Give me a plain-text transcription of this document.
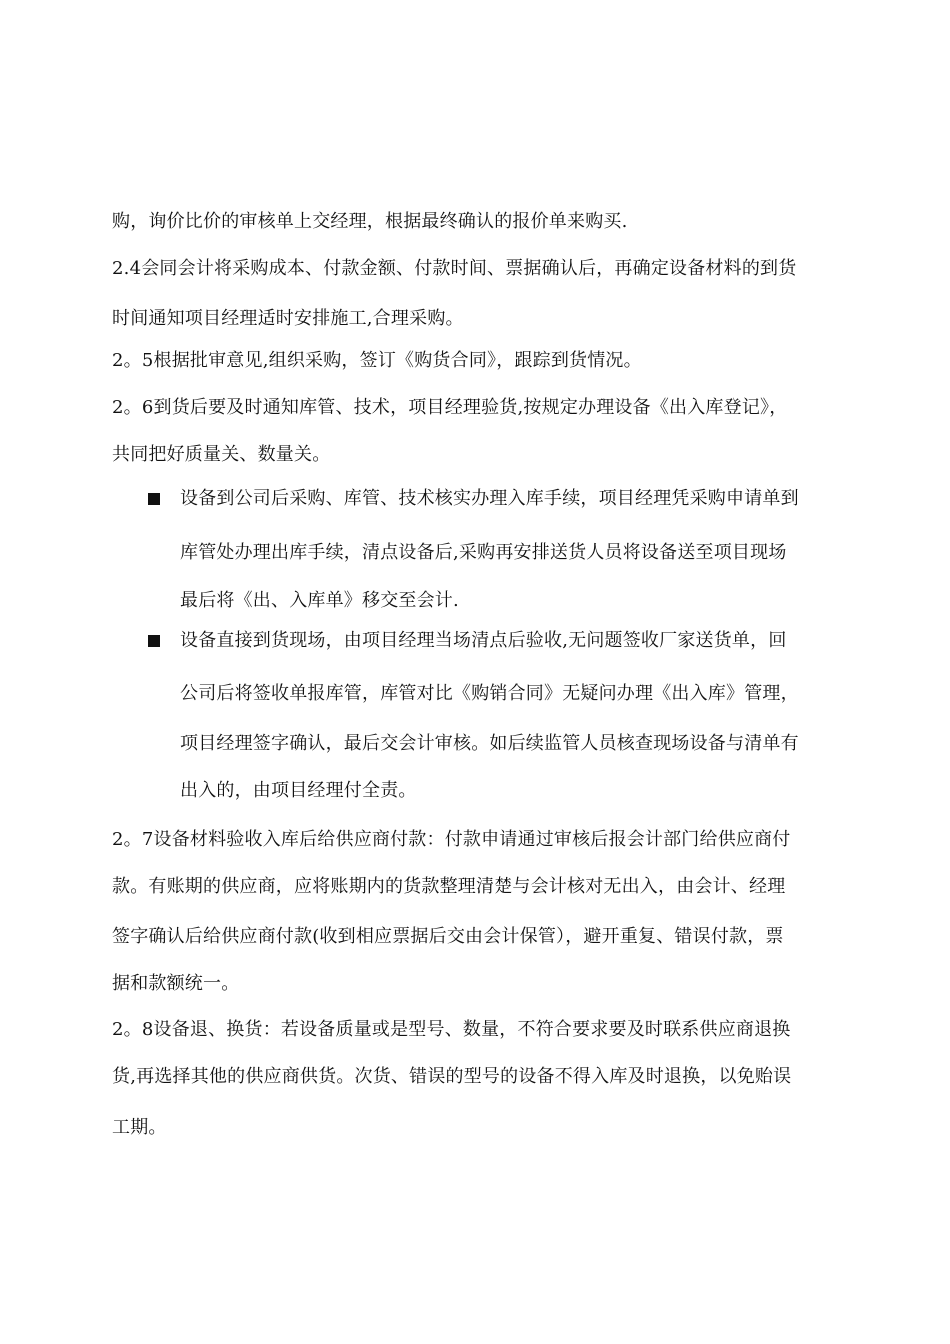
购，询价比价的审核单上交经理，根据最终确认的报价单来购买.
2.4会同会计将采购成本、付款金额、付款时间、票据确认后，再确定设备材料的到货
时间通知项目经理适时安排施工,合理采购。
2。5根据批审意见,组织采购，签订《购货合同》，跟踪到货情况。
2。6到货后要及时通知库管、技术，项目经理验货,按规定办理设备《出入库登记》，
共同把好质量关、数量关。
设备到公司后采购、库管、技术核实办理入库手续，项目经理凭采购申请单到
库管处办理出库手续，清点设备后,采购再安排送货人员将设备送至项目现场
最后将《出、入库单》移交至会计.
设备直接到货现场，由项目经理当场清点后验收,无问题签收厂家送货单，回
公司后将签收单报库管，库管对比《购销合同》无疑问办理《出入库》管理，
项目经理签字确认，最后交会计审核。如后续监管人员核查现场设备与清单有
出入的，由项目经理付全责。
2。7设备材料验收入库后给供应商付款：付款申请通过审核后报会计部门给供应商付
款。有账期的供应商，应将账期内的货款整理清楚与会计核对无出入，由会计、经理
签字确认后给供应商付款(收到相应票据后交由会计保管），避开重复、错误付款，票
据和款额统一。
2。8设备退、换货：若设备质量或是型号、数量，不符合要求要及时联系供应商退换
货,再选择其他的供应商供货。次货、错误的型号的设备不得入库及时退换，以免贻误
工期。
